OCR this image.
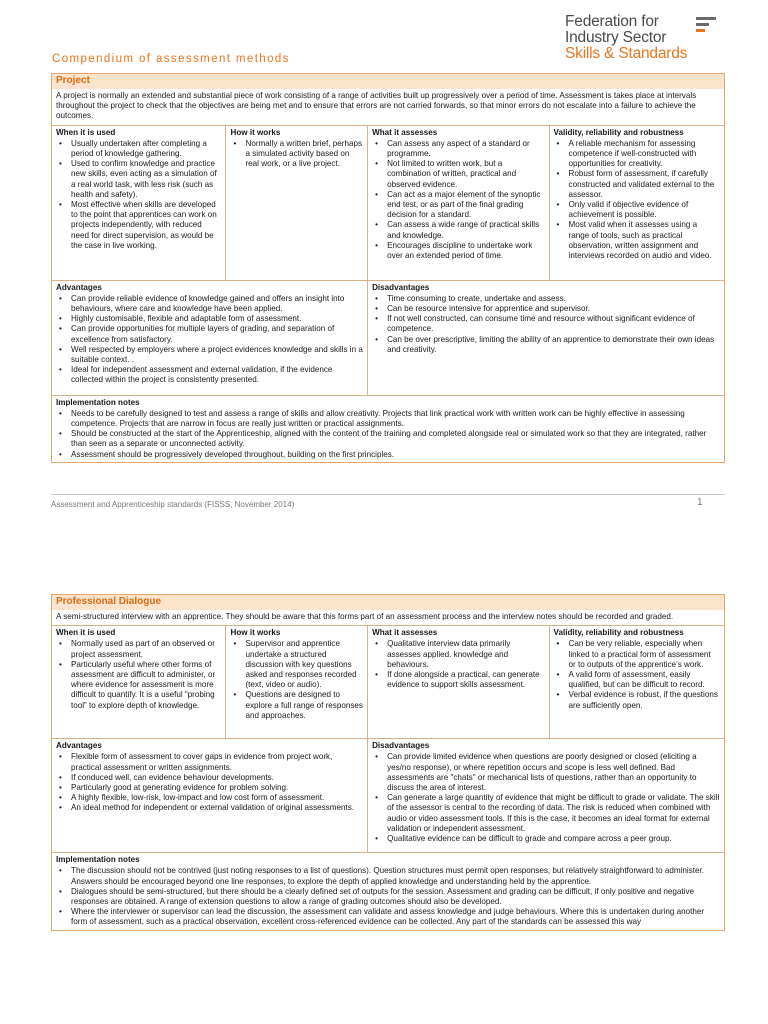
Federation for
Industry Sector
Skills & Standards
Compendium of assessment methods
Project
A project is normally an extended and substantial piece of work consisting of a range of activities built up progressively over a period of time. Assessment is takes place at intervals throughout the project to check that the objectives are being met and to ensure that errors are not carried forwards, so that minor errors do not escalate into a failure to achieve the outcomes.
When it is used
• Usually undertaken after completing a period of knowledge gathering.
• Used to confirm knowledge and practice new skills, even acting as a simulation of a real world task, with less risk (such as health and safety).
• Most effective when skills are developed to the point that apprentices can work on projects independently, with reduced need for direct supervision, as would be the case in live working.
How it works
• Normally a written brief, perhaps a simulated activity based on real work, or a live project.
What it assesses
• Can assess any aspect of a standard or programme.
• Not limited to written work, but a combination of written, practical and observed evidence.
• Can act as a major element of the synoptic end test, or as part of the final grading decision for a standard.
• Can assess a wide range of practical skills and knowledge.
• Encourages discipline to undertake work over an extended period of time.
Validity, reliability and robustness
• A reliable mechanism for assessing competence if well-constructed with opportunities for creativity.
• Robust form of assessment, if carefully constructed and validated external to the assessor.
• Only valid if objective evidence of achievement is possible.
• Most valid when it assesses using a range of tools, such as practical observation, written assignment and interviews recorded on audio and video.
Advantages
• Can provide reliable evidence of knowledge gained and offers an insight into behaviours, where care and knowledge have been applied.
• Highly customisable, flexible and adaptable form of assessment.
• Can provide opportunities for multiple layers of grading, and separation of excellence from satisfactory.
• Well respected by employers where a project evidences knowledge and skills in a suitable context. .
• Ideal for independent assessment and external validation, if the evidence collected within the project is consistently presented.
Disadvantages
• Time consuming to create, undertake and assess.
• Can be resource intensive for apprentice and supervisor.
• If not well constructed, can consume time and resource without significant evidence of competence.
• Can be over prescriptive, limiting the ability of an apprentice to demonstrate their own ideas and creativity.
Implementation notes
• Needs to be carefully designed to test and assess a range of skills and allow creativity. Projects that link practical work with written work can be highly effective in assessing competence. Projects that are narrow in focus are really just written or practical assignments.
• Should be constructed at the start of the Apprenticeship, aligned with the content of the training and completed alongside real or simulated work so that they are integrated, rather than seen as a separate or unconnected activity.
• Assessment should be progressively developed throughout, building on the first principles.
Assessment and Apprenticeship standards (FISSS, November 2014)	1
Professional Dialogue
A semi-structured interview with an apprentice. They should be aware that this forms part of an assessment process and the interview notes should be recorded and graded.
When it is used
• Normally used as part of an observed or project assessment.
• Particularly useful where other forms of assessment are difficult to administer, or where evidence for assessment is more difficult to quantify. It is a useful “probing tool” to explore depth of knowledge.
How it works
• Supervisor and apprentice undertake a structured discussion with key questions asked and responses recorded (text, video or audio).
• Questions are designed to explore a full range of responses and approaches.
What it assesses
• Qualitative interview data primarily assesses applied. knowledge and behaviours.
• If done alongside a practical, can generate evidence to support skills assessment.
Validity, reliability and robustness
• Can be very reliable, especially when linked to a practical form of assessment or to outputs of the apprentice’s work.
• A valid form of assessment, easily qualified, but can be difficult to record.
• Verbal evidence is robust, if the questions are sufficiently open.
Advantages
• Flexible form of assessment to cover gaps in evidence from project work, practical assessment or written assignments.
• If conduced well, can evidence behaviour developments.
• Particularly good at generating evidence for problem solving.
• A highly flexible, low-risk, low-impact and low cost form of assessment.
• An ideal method for independent or external validation of original assessments.
Disadvantages
• Can provide limited evidence when questions are poorly designed or closed (eliciting a yes/no response), or where repetition occurs and scope is less well defined. Bad assessments are "chats" or mechanical lists of questions, rather than an opportunity to discuss the area of interest.
• Can generate a large quantity of evidence that might be difficult to grade or validate. The skill of the assessor is central to the recording of data. The risk is reduced when combined with audio or video assessment tools. If this is the case, it becomes an ideal format for external validation or independent assessment.
• Qualitative evidence can be difficult to grade and compare across a peer group.
Implementation notes
• The discussion should not be contrived (just noting responses to a list of questions). Question structures must permit open responses, but relatively straightforward to administer. Answers should be encouraged beyond one line responses, to explore the depth of applied knowledge and understanding held by the apprentice.
• Dialogues should be semi-structured, but there should be a clearly defined set of outputs for the session. Assessment and grading can be difficult, if only positive and negative responses are obtained. A range of extension questions to allow a range of grading outcomes should also be developed.
• Where the interviewer or supervisor can lead the discussion, the assessment can validate and assess knowledge and judge behaviours. Where this is undertaken during another form of assessment, such as a practical observation, excellent cross-referenced evidence can be collected. Any part of the standards can be assessed this way
